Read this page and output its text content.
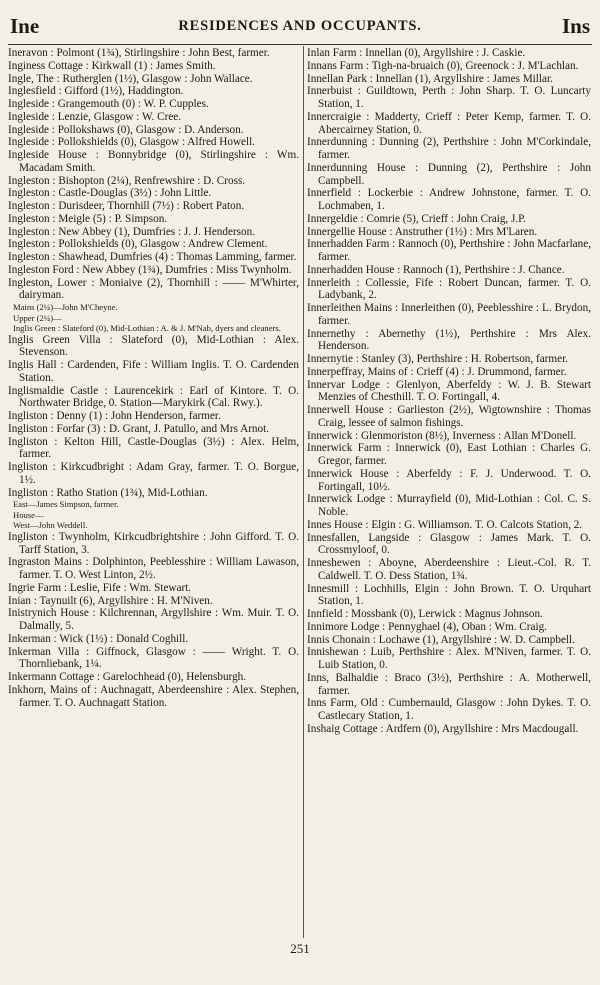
Ine	RESIDENCES AND OCCUPANTS.	Ins
Ineravon : Polmont (1¾), Stirlingshire : John Best, farmer.
Inginess Cottage : Kirkwall (1) : James Smith.
Ingle, The : Rutherglen (1½), Glasgow : John Wallace.
Inglesfield : Gifford (1½), Haddington.
Ingleside : Grangemouth (0) : W. P. Cupples.
Ingleside : Lenzie, Glasgow : W. Cree.
Ingleside : Pollokshaws (0), Glasgow : D. Anderson.
Ingleside : Pollokshields (0), Glasgow : Alfred Howell.
Ingleside House : Bonnybridge (0), Stirlingshire : Wm. Macadam Smith.
Ingleston : Bishopton (2¼), Renfrewshire : D. Cross.
Ingleston : Castle-Douglas (3½) : John Little.
Ingleston : Durisdeer, Thornhill (7½) : Robert Paton.
Ingleston : Meigle (5) : P. Simpson.
Ingleston : New Abbey (1), Dumfries : J. J. Henderson.
Ingleston : Pollokshields (0), Glasgow : Andrew Clement.
Ingleston : Shawhead, Dumfries (4) : Thomas Lamming, farmer.
Ingleston Ford : New Abbey (1¾), Dumfries : Miss Twynholm.
Ingleston, Lower : Moniaive (2), Thornhill : —— M'Whirter, dairyman.
Mains (2¼)—John M'Cheyne.
Upper (2¼)—
Inglis Green : Slateford (0), Mid-Lothian : A. & J. M'Nab, dyers and cleaners.
Inglis Green Villa : Slateford (0), Mid-Lothian : Alex. Stevenson.
Inglis Hall : Cardenden, Fife : William Inglis. T. O. Cardenden Station.
Inglismaldie Castle : Laurencekirk : Earl of Kintore. T. O. Northwater Bridge, 0. Station—Marykirk (Cal. Rwy.).
Ingliston : Denny (1) : John Henderson, farmer.
Ingliston : Forfar (3) : D. Grant, J. Patullo, and Mrs Arnot.
Ingliston : Kelton Hill, Castle-Douglas (3½) : Alex. Helm, farmer.
Ingliston : Kirkcudbright : Adam Gray, farmer. T. O. Borgue, 1½.
Ingliston : Ratho Station (1¾), Mid-Lothian.
East—James Simpson, farmer.
House—
West—John Weddell.
Ingliston : Twynholm, Kirkcudbrightshire : John Gifford. T. O. Tarff Station, 3.
Ingraston Mains : Dolphinton, Peeblesshire : William Lawason, farmer. T. O. West Linton, 2½.
Ingrie Farm : Leslie, Fife : Wm. Stewart.
Inian : Taynuilt (6), Argyllshire : H. M'Niven.
Inistrynich House : Kilchrennan, Argyllshire : Wm. Muir. T. O. Dalmally, 5.
Inkerman : Wick (1½) : Donald Coghill.
Inkerman Villa : Giffnock, Glasgow : —— Wright. T. O. Thornliebank, 1¼.
Inkermann Cottage : Garelochhead (0), Helensburgh.
Inkhorn, Mains of : Auchnagatt, Aberdeenshire : Alex. Stephen, farmer. T. O. Auchnagatt Station.
Inlan Farm : Innellan (0), Argyllshire : J. Caskie.
Innans Farm : Tigh-na-bruaich (0), Greenock : J. M'Lachlan.
Innellan Park : Innellan (1), Argyllshire : James Millar.
Innerbuist : Guildtown, Perth : John Sharp. T. O. Luncarty Station, 1.
Innercraigie : Madderty, Crieff : Peter Kemp, farmer. T. O. Abercairney Station, 0.
Innerdunning : Dunning (2), Perthshire : John M'Corkindale, farmer.
Innerdunning House : Dunning (2), Perthshire : John Campbell.
Innerfield : Lockerbie : Andrew Johnstone, farmer. T. O. Lochmaben, 1.
Innergeldie : Comrie (5), Crieff : John Craig, J.P.
Innergellie House : Anstruther (1½) : Mrs M'Laren.
Innerhadden Farm : Rannoch (0), Perthshire : John Macfarlane, farmer.
Innerhadden House : Rannoch (1), Perthshire : J. Chance.
Innerleith : Collessie, Fife : Robert Duncan, farmer. T. O. Ladybank, 2.
Innerleithen Mains : Innerleithen (0), Peeblesshire : L. Brydon, farmer.
Innernethy : Abernethy (1½), Perthshire : Mrs Alex. Henderson.
Innernytie : Stanley (3), Perthshire : H. Robertson, farmer.
Innerpeffray, Mains of : Crieff (4) : J. Drummond, farmer.
Innervar Lodge : Glenlyon, Aberfeldy : W. J. B. Stewart Menzies of Chesthill. T. O. Fortingall, 4.
Innerwell House : Garlieston (2½), Wigtownshire : Thomas Craig, lessee of salmon fishings.
Innerwick : Glenmoriston (8½), Inverness : Allan M'Donell.
Innerwick Farm : Innerwick (0), East Lothian : Charles G. Gregor, farmer.
Innerwick House : Aberfeldy : F. J. Underwood. T. O. Fortingall, 10½.
Innerwick Lodge : Murrayfield (0), Mid-Lothian : Col. C. S. Noble.
Innes House : Elgin : G. Williamson. T. O. Calcots Station, 2.
Innesfallen, Langside : Glasgow : James Mark. T. O. Crossmyloof, 0.
Inneshewen : Aboyne, Aberdeenshire : Lieut.-Col. R. T. Caldwell. T. O. Dess Station, 1¾.
Innesmill : Lochhills, Elgin : John Brown. T. O. Urquhart Station, 1.
Innfield : Mossbank (0), Lerwick : Magnus Johnson.
Innimore Lodge : Pennyghael (4), Oban : Wm. Craig.
Innis Chonain : Lochawe (1), Argyllshire : W. D. Campbell.
Innishewan : Luib, Perthshire : Alex. M'Niven, farmer. T. O. Luib Station, 0.
Inns, Balhaldie : Braco (3½), Perthshire : A. Motherwell, farmer.
Inns Farm, Old : Cumbernauld, Glasgow : John Dykes. T. O. Castlecary Station, 1.
Inshaig Cottage : Ardfern (0), Argyllshire : Mrs Macdougall.
251
